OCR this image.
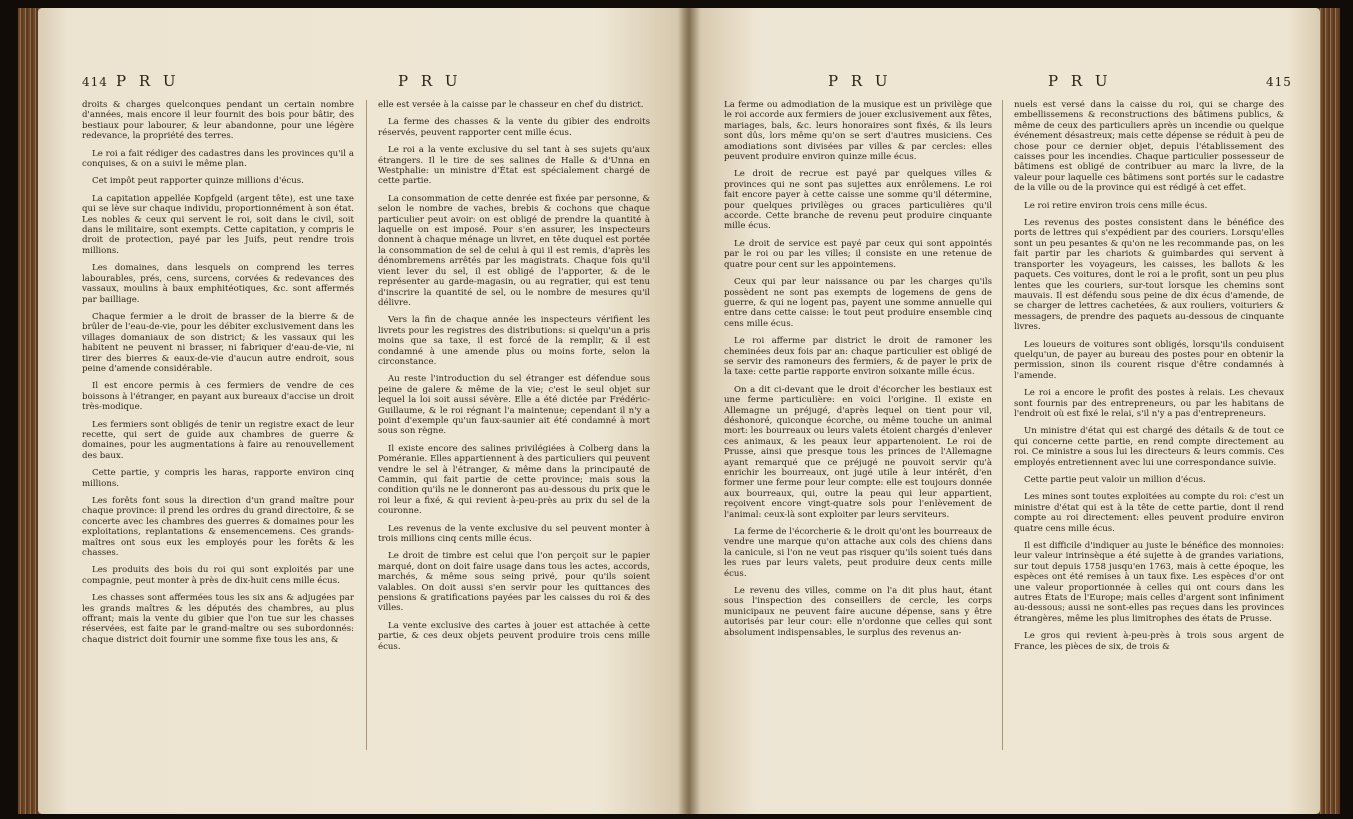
414 P R U	P R U

droits & charges quelconques pendant un certain nombre d'années, mais encore il leur fournit des bois pour bâtir, des bestiaux pour labourer, & leur abandonne, pour une légère redevance, la propriété des terres.

Le roi a fait rédiger des cadastres dans les provinces qu'il a conquises, & on a suivi le même plan.

Cet impôt peut rapporter quinze millions d'écus.

La capitation appellée Kopfgeld (argent tête), est une taxe qui se lève sur chaque individu, proportionnément à son état. Les nobles & ceux qui servent le roi, soit dans le civil, soit dans le militaire, sont exempts. Cette capitation, y compris le droit de protection, payé par les Juifs, peut rendre trois millions.

Les domaines, dans lesquels on comprend les terres labourables, prés, cens, surcens, corvées & redevances des vassaux, moulins à baux emphitéotiques, &c. sont affermés par bailliage.

Chaque fermier a le droit de brasser de la bierre & de brûler de l'eau-de-vie, pour les débiter exclusivement dans les villages domaniaux de son district; & les vassaux qui les habitent ne peuvent ni brasser, ni fabriquer d'eau-de-vie, ni tirer des bierres & eaux-de-vie d'aucun autre endroit, sous peine d'amende considérable.

Il est encore permis à ces fermiers de vendre de ces boissons à l'étranger, en payant aux bureaux d'accise un droit très-modique.

Les fermiers sont obligés de tenir un registre exact de leur recette, qui sert de guide aux chambres de guerre & domaines, pour les augmentations à faire au renouvellement des baux.

Cette partie, y compris les haras, rapporte environ cinq millions.

Les forêts font sous la direction d'un grand maître pour chaque province: il prend les ordres du grand directoire, & se concerte avec les chambres des guerres & domaines pour les exploitations, replantations & ensemencemens. Ces grands-maîtres ont sous eux les employés pour les forêts & les chasses.

Les produits des bois du roi qui sont exploités par une compagnie, peut monter à près de dix-huit cens mille écus.

Les chasses sont affermées tous les six ans & adjugées par les grands maîtres & les députés des chambres, au plus offrant; mais la vente du gibier que l'on tue sur les chasses réservées, est faite par le grand-maître ou ses subordonnés: chaque district doit fournir une somme fixe tous les ans, &

elle est versée à la caisse par le chasseur en chef du district.

La ferme des chasses & la vente du gibier des endroits réservés, peuvent rapporter cent mille écus.

Le roi a la vente exclusive du sel tant à ses sujets qu'aux étrangers. Il le tire de ses salines de Halle & d'Unna en Westphalie: un ministre d'État est spécialement chargé de cette partie.

La consommation de cette denrée est fixée par personne, & selon le nombre de vaches, brebis & cochons que chaque particulier peut avoir: on est obligé de prendre la quantité à laquelle on est imposé. Pour s'en assurer, les inspecteurs donnent à chaque ménage un livret, en tête duquel est portée la consommation de sel de celui à qui il est remis, d'après les dénombremens arrêtés par les magistrats. Chaque fois qu'il vient lever du sel, il est obligé de l'apporter, & de le représenter au garde-magasin, ou au regratier, qui est tenu d'inscrire la quantité de sel, ou le nombre de mesures qu'il délivre.

Vers la fin de chaque année les inspecteurs vérifient les livrets pour les registres des distributions: si quelqu'un a pris moins que sa taxe, il est forcé de la remplir, & il est condamné à une amende plus ou moins forte, selon la circonstance.

Au reste l'introduction du sel étranger est défendue sous peine de galere & même de la vie; c'est le seul objet sur lequel la loi soit aussi sévère. Elle a été dictée par Frédéric-Guillaume, & le roi régnant l'a maintenue; cependant il n'y a point d'exemple qu'un faux-saunier ait été condamné à mort sous son règne.

Il existe encore des salines privilégiées à Colberg dans la Poméranie. Elles appartiennent à des particuliers qui peuvent vendre le sel à l'étranger, & même dans la principauté de Cammin, qui fait partie de cette province; mais sous la condition qu'ils ne le donneront pas au-dessous du prix que le roi leur a fixé, & qui revient à-peu-près au prix du sel de la couronne.

Les revenus de la vente exclusive du sel peuvent monter à trois millions cinq cents mille écus.

Le droit de timbre est celui que l'on perçoit sur le papier marqué, dont on doit faire usage dans tous les actes, accords, marchés, & même sous seing privé, pour qu'ils soient valables. On doit aussi s'en servir pour les quittances des pensions & gratifications payées par les caisses du roi & des villes.

La vente exclusive des cartes à jouer est attachée à cette partie, & ces deux objets peuvent produire trois cens mille écus.

P R U	P R U	415

La ferme ou admodiation de la musique est un privilège que le roi accorde aux fermiers de jouer exclusivement aux fêtes, mariages, bals, &c. leurs honoraires sont fixés, & ils leurs sont dûs, lors même qu'on se sert d'autres musiciens. Ces amodiations sont divisées par villes & par cercles: elles peuvent produire environ quinze mille écus.

Le droit de recrue est payé par quelques villes & provinces qui ne sont pas sujettes aux enrôlemens. Le roi fait encore payer à cette caisse une somme qu'il détermine, pour quelques privilèges ou graces particulières qu'il accorde. Cette branche de revenu peut produire cinquante mille écus.

Le droit de service est payé par ceux qui sont appointés par le roi ou par les villes; il consiste en une retenue de quatre pour cent sur les appointemens.

Ceux qui par leur naissance ou par les charges qu'ils possèdent ne sont pas exempts de logemens de gens de guerre, & qui ne logent pas, payent une somme annuelle qui entre dans cette caisse: le tout peut produire ensemble cinq cens mille écus.

Le roi afferme par district le droit de ramoner les cheminées deux fois par an: chaque particulier est obligé de se servir des ramoneurs des fermiers, & de payer le prix de la taxe: cette partie rapporte environ soixante mille écus.

On a dit ci-devant que le droit d'écorcher les bestiaux est une ferme particulière: en voici l'origine. Il existe en Allemagne un préjugé, d'après lequel on tient pour vil, déshonoré, quiconque écorche, ou même touche un animal mort: les bourreaux ou leurs valets étoient chargés d'enlever ces animaux, & les peaux leur appartenoient. Le roi de Prusse, ainsi que presque tous les princes de l'Allemagne ayant remarqué que ce préjugé ne pouvoit servir qu'à enrichir les bourreaux, ont jugé utile à leur intérêt, d'en former une ferme pour leur compte: elle est toujours donnée aux bourreaux, qui, outre la peau qui leur appartient, reçoivent encore vingt-quatre sols pour l'enlèvement de l'animal: ceux-là sont exploiter par leurs serviteurs.

La ferme de l'écorcherie & le droit qu'ont les bourreaux de vendre une marque qu'on attache aux cols des chiens dans la canicule, si l'on ne veut pas risquer qu'ils soient tués dans les rues par leurs valets, peut produire deux cents mille écus.

Le revenu des villes, comme on l'a dit plus haut, étant sous l'inspection des conseillers de cercle, les corps municipaux ne peuvent faire aucune dépense, sans y être autorisés par leur cour: elle n'ordonne que celles qui sont absolument indispensables, le surplus des revenus an-

nuels est versé dans la caisse du roi, qui se charge des embellissemens & reconstructions des bâtimens publics, & même de ceux des particuliers après un incendie ou quelque événement désastreux; mais cette dépense se réduit à peu de chose pour ce dernier objet, depuis l'établissement des caisses pour les incendies. Chaque particulier possesseur de bâtimens est obligé de contribuer au marc la livre, de la valeur pour laquelle ces bâtimens sont portés sur le cadastre de la ville ou de la province qui est rédigé à cet effet.

Le roi retire environ trois cens mille écus.

Les revenus des postes consistent dans le bénéfice des ports de lettres qui s'expédient par des couriers. Lorsqu'elles sont un peu pesantes & qu'on ne les recommande pas, on les fait partir par les chariots & guimbardes qui servent à transporter les voyageurs, les caisses, les ballots & les paquets. Ces voitures, dont le roi a le profit, sont un peu plus lentes que les couriers, sur-tout lorsque les chemins sont mauvais. Il est défendu sous peine de dix écus d'amende, de se charger de lettres cachetées, & aux rouliers, voituriers & messagers, de prendre des paquets au-dessous de cinquante livres.

Les loueurs de voitures sont obligés, lorsqu'ils conduisent quelqu'un, de payer au bureau des postes pour en obtenir la permission, sinon ils courent risque d'être condamnés à l'amende.

Le roi a encore le profit des postes à relais. Les chevaux sont fournis par des entrepreneurs, ou par les habitans de l'endroit où est fixé le relai, s'il n'y a pas d'entrepreneurs.

Un ministre d'état qui est chargé des détails & de tout ce qui concerne cette partie, en rend compte directement au roi. Ce ministre a sous lui les directeurs & leurs commis. Ces employés entretiennent avec lui une correspondance suivie.

Cette partie peut valoir un million d'écus.

Les mines sont toutes exploitées au compte du roi: c'est un ministre d'état qui est à la tête de cette partie, dont il rend compte au roi directement: elles peuvent produire environ quatre cens mille écus.

Il est difficile d'indiquer au juste le bénéfice des monnoies: leur valeur intrinsèque a été sujette à de grandes variations, sur tout depuis 1758 jusqu'en 1763, mais à cette époque, les espèces ont été remises à un taux fixe. Les espèces d'or ont une valeur proportionnée à celles qui ont cours dans les autres États de l'Europe; mais celles d'argent sont infiniment au-dessous; aussi ne sont-elles pas reçues dans les provinces étrangères, même les plus limitrophes des états de Prusse.

Le gros qui revient à-peu-près à trois sous argent de France, les pièces de six, de trois &
